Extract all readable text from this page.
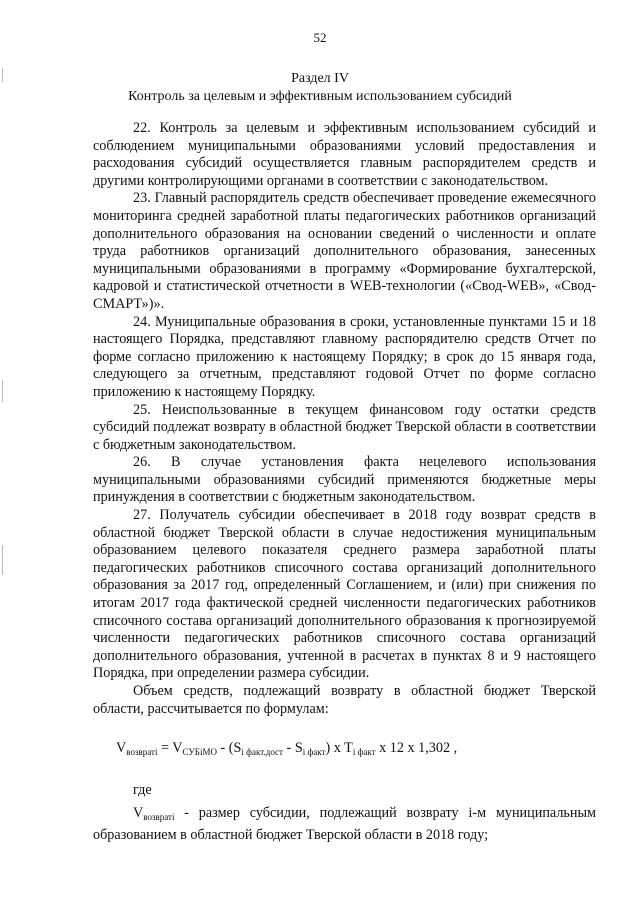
52
Раздел IV
Контроль за целевым и эффективным использованием субсидий

22. Контроль за целевым и эффективным использованием субсидий и соблюдением муниципальными образованиями условий предоставления и расходования субсидий осуществляется главным распорядителем средств и другими контролирующими органами в соответствии с законодательством.

23. Главный распорядитель средств обеспечивает проведение ежемесячного мониторинга средней заработной платы педагогических работников организаций дополнительного образования на основании сведений о численности и оплате труда работников организаций дополнительного образования, занесенных муниципальными образованиями в программу «Формирование бухгалтерской, кадровой и статистической отчетности в WEB-технологии («Свод-WEB», «Свод-СМАРТ»)».

24. Муниципальные образования в сроки, установленные пунктами 15 и 18 настоящего Порядка, представляют главному распорядителю средств Отчет по форме согласно приложению к настоящему Порядку; в срок до 15 января года, следующего за отчетным, представляют годовой Отчет по форме согласно приложению к настоящему Порядку.

25. Неиспользованные в текущем финансовом году остатки средств субсидий подлежат возврату в областной бюджет Тверской области в соответствии с бюджетным законодательством.

26. В случае установления факта нецелевого использования муниципальными образованиями субсидий применяются бюджетные меры принуждения в соответствии с бюджетным законодательством.

27. Получатель субсидии обеспечивает в 2018 году возврат средств в областной бюджет Тверской области в случае недостижения муниципальным образованием целевого показателя среднего размера заработной платы педагогических работников списочного состава организаций дополнительного образования за 2017 год, определенный Соглашением, и (или) при снижения по итогам 2017 года фактической средней численности педагогических работников списочного состава организаций дополнительного образования к прогнозируемой численности педагогических работников списочного состава организаций дополнительного образования, учтенной в расчетах в пунктах 8 и 9 настоящего Порядка, при определении размера субсидии.

Объем средств, подлежащий возврату в областной бюджет Тверской области, рассчитывается по формулам:

$V_{возвратi} = V_{СУБiМО} - (S_{i факт.дост} - S_{i факт})$ x $T_{i факт}$ x 12 x 1,302 ,
где

$V_{возвратi}$ - размер субсидии, подлежащий возврату i-м муниципальным образованием в областной бюджет Тверской области в 2018 году;
